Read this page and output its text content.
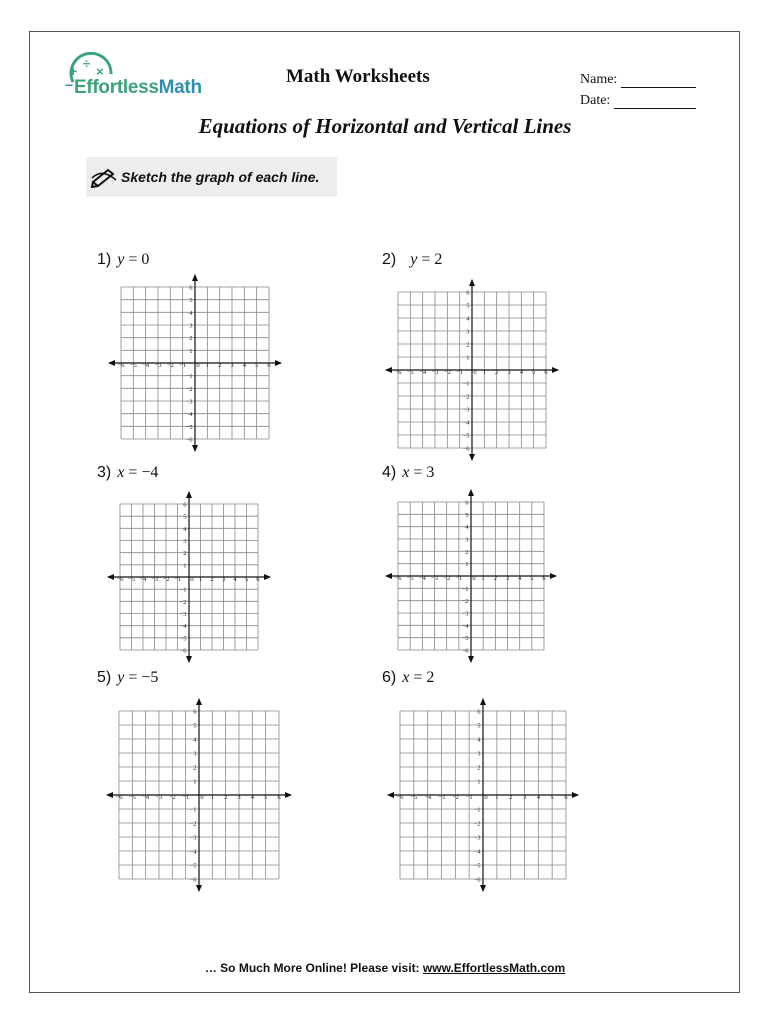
+ ÷
×
− EffortlessMath
Math Worksheets	Name:
Date:
Equations of Horizontal and Vertical Lines
Sketch the graph of each line.
1) y = 0	2) y = 2
3) x = −4	4) x = 3
5) y = −5	6) x = 2
−6 −5 −4 −3 −2 −1 0 1 2 3 4 5 6
6
5
4
3
2
1
−1
−2
−3
−4
−5
−6
−6 −5 −4 −3 −2 −1 0 1 2 3 4 5 6
6
5
4
3
2
1
−1
−2
−3
−4
−5
−6
−6 −5 −4 −3 −2 −1 0 1 2 3 4 5 6
6
5
4
3
2
1
−1
−2
−3
−4
−5
−6
−6 −5 −4 −3 −2 −1 0 1 2 3 4 5 6
6
5
4
3
2
1
−1
−2
−3
−4
−5
−6
−6 −5 −4 −3 −2 −1 0 1 2 3 4 5 6
6
5
4
3
2
1
−1
−2
−3
−4
−5
−6
−6 −5 −4 −3 −2 −1 0 1 2 3 4 5 6
6
5
4
3
2
1
−1
−2
−3
−4
−5
−6
… So Much More Online! Please visit: www.EffortlessMath.com
